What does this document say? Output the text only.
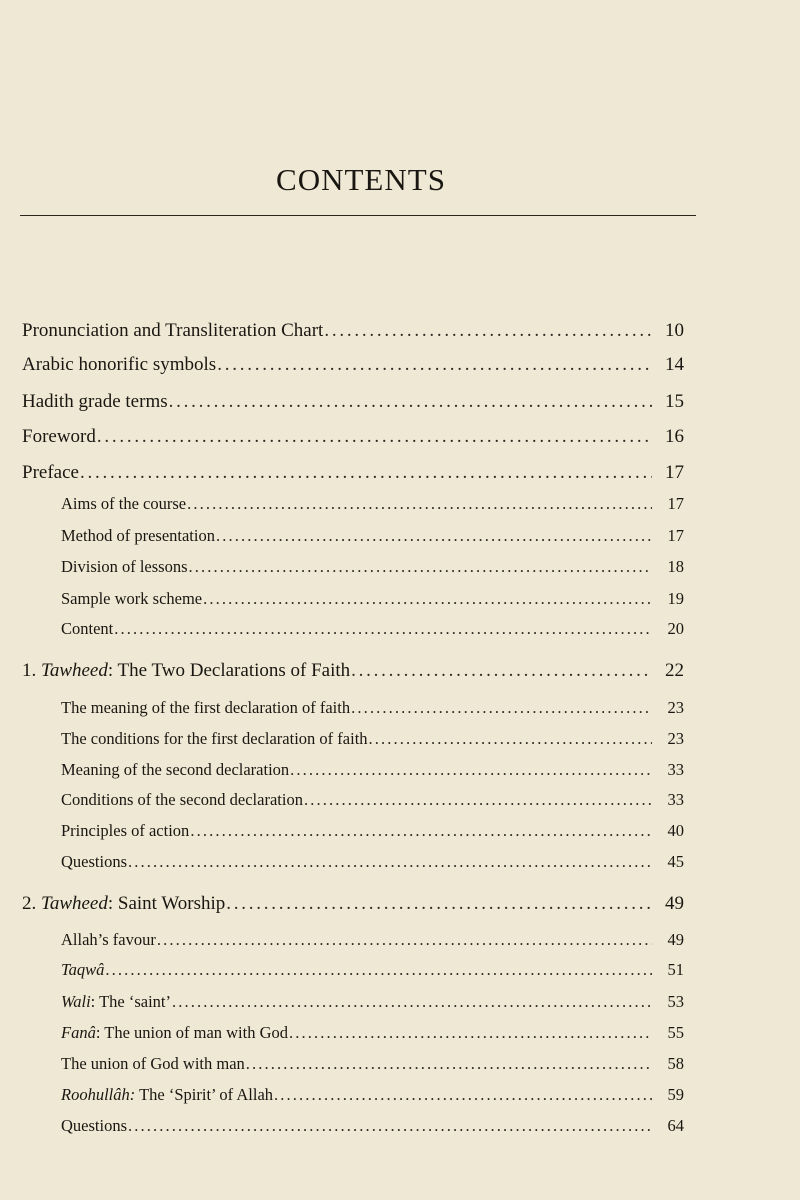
CONTENTS
Pronunciation and Transliteration Chart . . .	10
Arabic honorific symbols . . .	14
Hadith grade terms . . .	15
Foreword . . .	16
Preface . . .	17
Aims of the course . . .	17
Method of presentation . . .	17
Division of lessons . . .	18
Sample work scheme . . .	19
Content . . .	20
1. Tawheed: The Two Declarations of Faith . . .	22
The meaning of the first declaration of faith . . .	23
The conditions for the first declaration of faith . . .	23
Meaning of the second declaration . . .	33
Conditions of the second declaration . . .	33
Principles of action . . .	40
Questions . . .	45
2. Tawheed: Saint Worship . . .	49
Allah’s favour . . .	49
Taqwâ . . .	51
Wali: The ‘saint’ . . .	53
Fanâ: The union of man with God . . .	55
The union of God with man . . .	58
Roohullâh: The ‘Spirit’ of Allah . . .	59
Questions . . .	64
